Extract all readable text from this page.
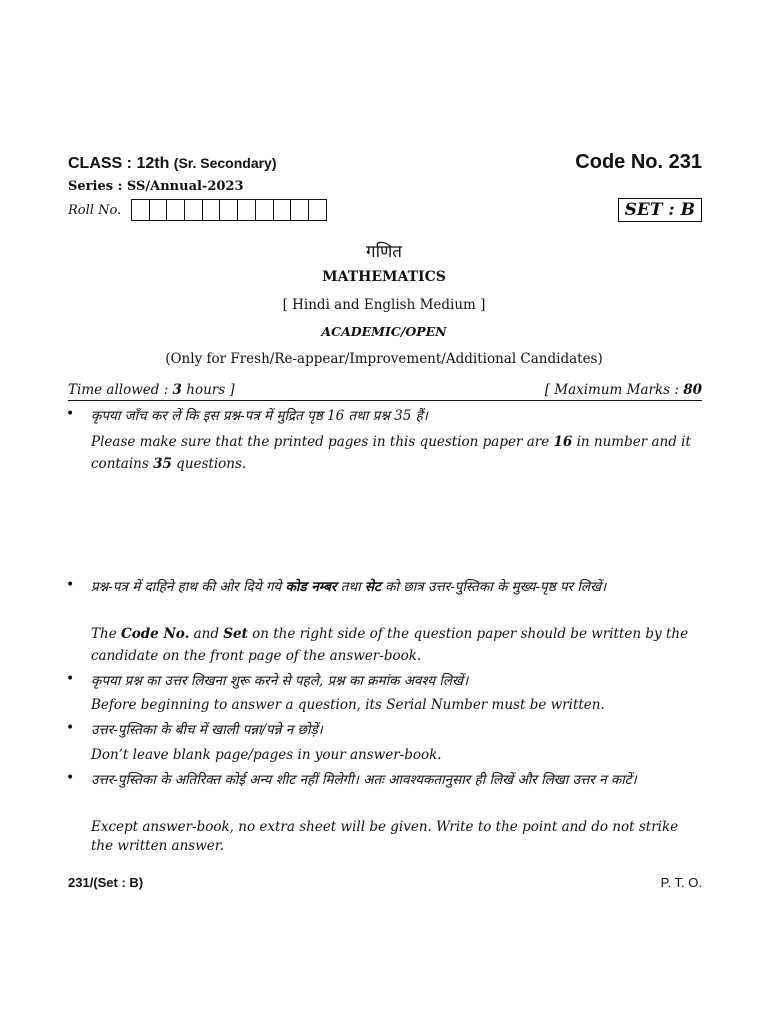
CLASS : 12th (Sr. Secondary)	Code No. 231
Series : SS/Annual-2023
Roll No.	SET : B
गणित
MATHEMATICS
[ Hindi and English Medium ]
ACADEMIC/OPEN
(Only for Fresh/Re-appear/Improvement/Additional Candidates)
Time allowed : 3 hours ]	[ Maximum Marks : 80
• कृपया जाँच कर लें कि इस प्रश्न-पत्र में मुद्रित पृष्ठ 16 तथा प्रश्न 35 हैं।
Please make sure that the printed pages in this question paper are 16 in number and it contains 35 questions.
• प्रश्न-पत्र में दाहिने हाथ की ओर दिये गये कोड नम्बर तथा सेट को छात्र उत्तर-पुस्तिका के मुख्य-पृष्ठ पर लिखें।
The Code No. and Set on the right side of the question paper should be written by the candidate on the front page of the answer-book.
• कृपया प्रश्न का उत्तर लिखना शुरू करने से पहले, प्रश्न का क्रमांक अवश्य लिखें।
Before beginning to answer a question, its Serial Number must be written.
• उत्तर-पुस्तिका के बीच में खाली पन्ना/पन्ने न छोड़ें।
Don’t leave blank page/pages in your answer-book.
• उत्तर-पुस्तिका के अतिरिक्त कोई अन्य शीट नहीं मिलेगी। अतः आवश्यकतानुसार ही लिखें और लिखा उत्तर न काटें।
Except answer-book, no extra sheet will be given. Write to the point and do not strike the written answer.
231/(Set : B)	P. T. O.
